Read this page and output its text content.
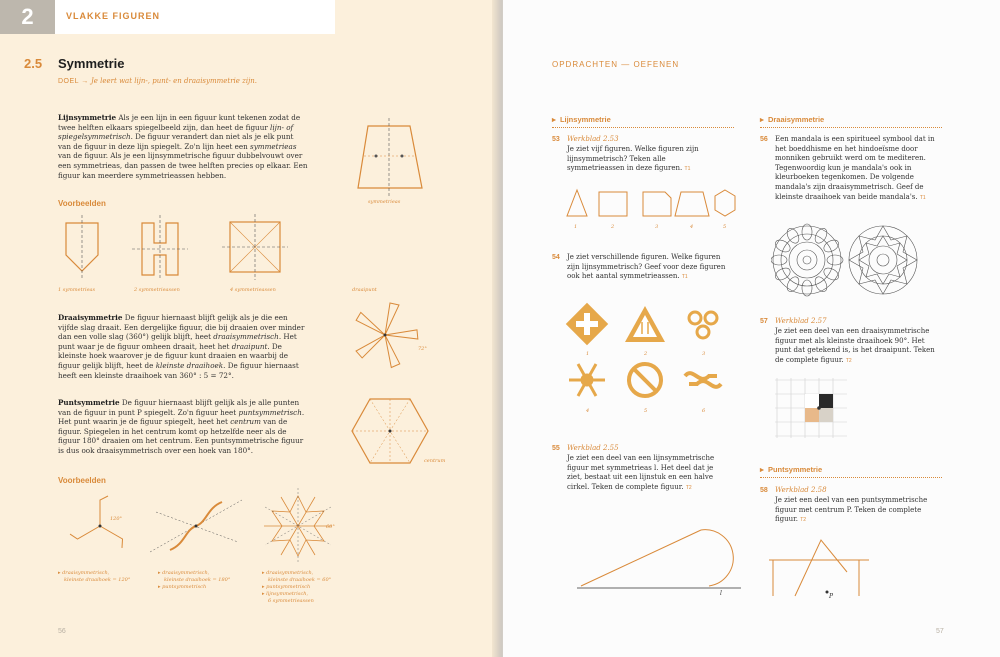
2	VLAKKE FIGUREN
2.5 Symmetrie
DOEL → Je leert wat lijn-, punt- en draaisymmetrie zijn.
Lijnsymmetrie Als je een lijn in een figuur kunt tekenen zodat de twee helften elkaars spiegelbeeld zijn, dan heet de figuur lijn- of spiegelsymmetrisch. De figuur verandert dan niet als je elk punt van de figuur in deze lijn spiegelt. Zo'n lijn heet een symmetrieas van de figuur. Als je een lijnsymmetrische figuur dubbelvouwt over een symmetrieas, dan passen de twee helften precies op elkaar. Een figuur kan meerdere symmetrieassen hebben.
symmetrieas
Voorbeelden
1 symmetrieas	2 symmetrieassen	4 symmetrieassen
Draaisymmetrie De figuur hiernaast blijft gelijk als je die een vijfde slag draait. Een dergelijke figuur, die bij draaien over minder dan een volle slag (360°) gelijk blijft, heet draaisymmetrisch. Het punt waar je de figuur omheen draait, heet het draaipunt. De kleinste hoek waarover je de figuur kunt draaien en waarbij de figuur gelijk blijft, heet de kleinste draaihoek. De figuur hiernaast heeft een kleinste draaihoek van 360° : 5 = 72°.
draaipunt
72°
Puntsymmetrie De figuur hiernaast blijft gelijk als je alle punten van de figuur in punt P spiegelt. Zo'n figuur heet puntsymmetrisch. Het punt waarin je de figuur spiegelt, heet het centrum van de figuur. Spiegelen in het centrum komt op hetzelfde neer als de figuur 180° draaien om het centrum. Een puntsymmetrische figuur is dus ook draaisymmetrisch over een hoek van 180°.
centrum
Voorbeelden
120°
60°
▸ draaisymmetrisch,
kleinste draaihoek = 120°
▸ draaisymmetrisch,
kleinste draaihoek = 180°
▸ puntsymmetrisch
▸ draaisymmetrisch,
kleinste draaihoek = 60°
▸ puntsymmetrisch
▸ lijnsymmetrisch,
6 symmetrieassen
56
OPDRACHTEN — OEFENEN
▸  Lijnsymmetrie	▸  Draaisymmetrie
53 Werkblad 2.53
Je ziet vijf figuren. Welke figuren zijn lijnsymmetrisch? Teken alle symmetrieassen in deze figuren. T1
1	2	3	4	5
54 Je ziet verschillende figuren. Welke figuren zijn lijnsymmetrisch? Geef voor deze figuren ook het aantal symmetrieassen. T1
1	2	3
4	5	6
55 Werkblad 2.55
Je ziet een deel van een lijnsymmetrische figuur met symmetrieas l. Het deel dat je ziet, bestaat uit een lijnstuk en een halve cirkel. Teken de complete figuur. T2
l
56 Een mandala is een spiritueel symbool dat in het boeddhisme en het hindoeïsme door monniken gebruikt werd om te mediteren. Tegenwoordig kun je mandala's ook in kleurboeken tegenkomen. De volgende mandala's zijn draaisymmetrisch. Geef de kleinste draaihoek van beide mandala's. T1
57 Werkblad 2.57
Je ziet een deel van een draaisymmetrische figuur met als kleinste draaihoek 90°. Het punt dat getekend is, is het draaipunt. Teken de complete figuur. T2
▸  Puntsymmetrie
58 Werkblad 2.58
Je ziet een deel van een puntsymmetrische figuur met centrum P. Teken de complete figuur. T2
P
57
